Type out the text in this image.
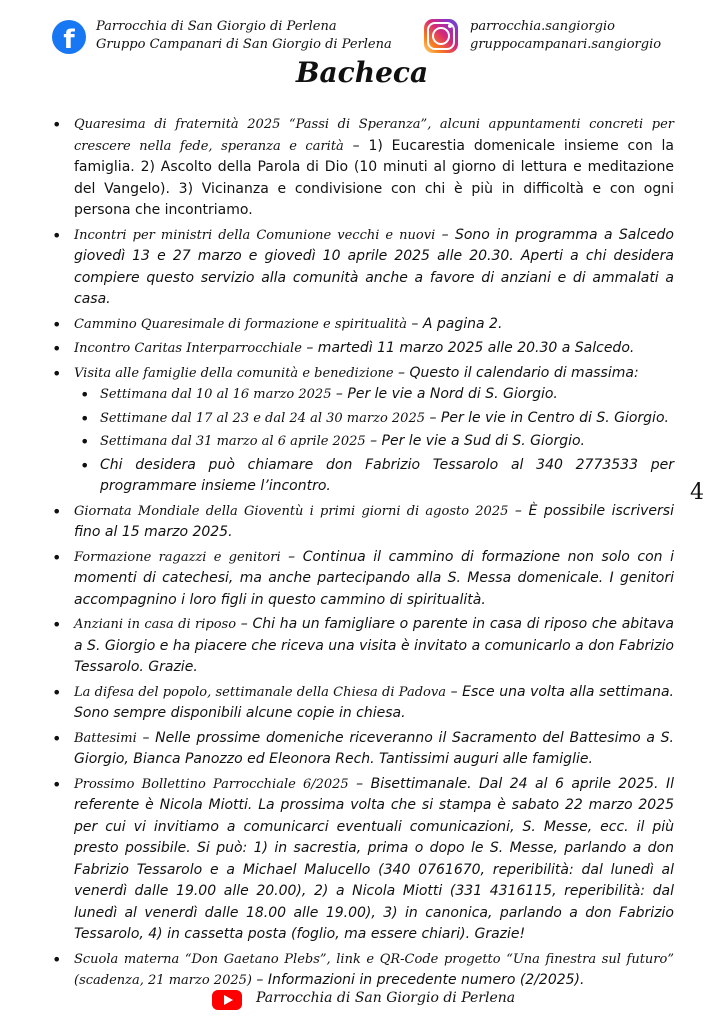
f	Parrocchia di San Giorgio di Perlena
Gruppo Campanari di San Giorgio di Perlena
parrocchia.sangiorgio
gruppocampanari.sangiorgio
Bacheca
• Quaresima di fraternità 2025 “Passi di Speranza”, alcuni appuntamenti concreti per crescere nella fede, speranza e carità – 1) Eucarestia domenicale insieme con la famiglia. 2) Ascolto della Parola di Dio (10 minuti al giorno di lettura e meditazione del Vangelo). 3) Vicinanza e condivisione con chi è più in difficoltà e con ogni persona che incontriamo.
• Incontri per ministri della Comunione vecchi e nuovi – Sono in programma a Salcedo giovedì 13 e 27 marzo e giovedì 10 aprile 2025 alle 20.30. Aperti a chi desidera compiere questo servizio alla comunità anche a favore di anziani e di ammalati a casa.
• Cammino Quaresimale di formazione e spiritualità – A pagina 2.
• Incontro Caritas Interparrocchiale – martedì 11 marzo 2025 alle 20.30 a Salcedo.
• Visita alle famiglie della comunità e benedizione – Questo il calendario di massima:
• Settimana dal 10 al 16 marzo 2025 – Per le vie a Nord di S. Giorgio.
• Settimane dal 17 al 23 e dal 24 al 30 marzo 2025 – Per le vie in Centro di S. Giorgio.
• Settimana dal 31 marzo al 6 aprile 2025 – Per le vie a Sud di S. Giorgio.
• Chi desidera può chiamare don Fabrizio Tessarolo al 340 2773533 per programmare insieme l’incontro.
• Giornata Mondiale della Gioventù i primi giorni di agosto 2025 – È possibile iscriversi fino al 15 marzo 2025.
• Formazione ragazzi e genitori – Continua il cammino di formazione non solo con i momenti di catechesi, ma anche partecipando alla S. Messa domenicale. I genitori accompagnino i loro figli in questo cammino di spiritualità.
• Anziani in casa di riposo – Chi ha un famigliare o parente in casa di riposo che abitava a S. Giorgio e ha piacere che riceva una visita è invitato a comunicarlo a don Fabrizio Tessarolo. Grazie.
• La difesa del popolo, settimanale della Chiesa di Padova – Esce una volta alla settimana. Sono sempre disponibili alcune copie in chiesa.
• Battesimi – Nelle prossime domeniche riceveranno il Sacramento del Battesimo a S. Giorgio, Bianca Panozzo ed Eleonora Rech. Tantissimi auguri alle famiglie.
• Prossimo Bollettino Parrocchiale 6/2025 – Bisettimanale. Dal 24 al 6 aprile 2025. Il referente è Nicola Miotti. La prossima volta che si stampa è sabato 22 marzo 2025 per cui vi invitiamo a comunicarci eventuali comunicazioni, S. Messe, ecc. il più presto possibile. Si può: 1) in sacrestia, prima o dopo le S. Messe, parlando a don Fabrizio Tessarolo e a Michael Malucello (340 0761670, reperibilità: dal lunedì al venerdì dalle 19.00 alle 20.00), 2) a Nicola Miotti (331 4316115, reperibilità: dal lunedì al venerdì dalle 18.00 alle 19.00), 3) in canonica, parlando a don Fabrizio Tessarolo, 4) in cassetta posta (foglio, ma essere chiari). Grazie!
• Scuola materna “Don Gaetano Plebs”, link e QR-Code progetto “Una finestra sul futuro” (scadenza, 21 marzo 2025) – Informazioni in precedente numero (2/2025).
4
Parrocchia di San Giorgio di Perlena
